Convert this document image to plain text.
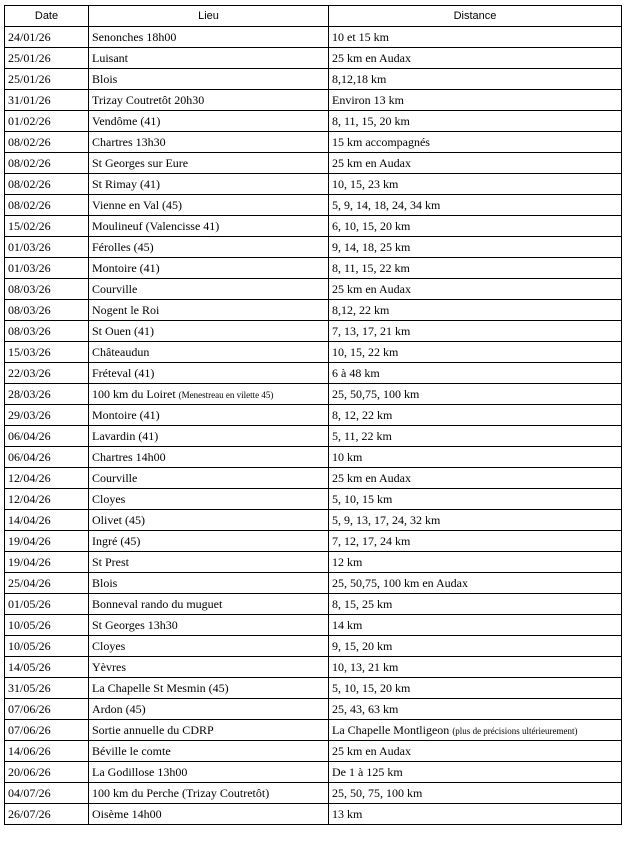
Date	Lieu	Distance
24/01/26	Senonches 18h00	10 et 15 km
25/01/26	Luisant	25 km en Audax
25/01/26	Blois	8,12,18 km
31/01/26	Trizay Coutretôt 20h30	Environ 13 km
01/02/26	Vendôme (41)	8, 11, 15, 20 km
08/02/26	Chartres 13h30	15 km accompagnés
08/02/26	St Georges sur Eure	25 km en Audax
08/02/26	St Rimay (41)	10, 15, 23 km
08/02/26	Vienne en Val (45)	5, 9, 14, 18, 24, 34 km
15/02/26	Moulineuf (Valencisse 41)	6, 10, 15, 20 km
01/03/26	Férolles (45)	9, 14, 18, 25 km
01/03/26	Montoire (41)	8, 11, 15, 22 km
08/03/26	Courville	25 km en Audax
08/03/26	Nogent le Roi	8,12, 22 km
08/03/26	St Ouen (41)	7, 13, 17, 21 km
15/03/26	Châteaudun	10, 15, 22 km
22/03/26	Fréteval (41)	6 à 48 km
28/03/26	100 km du Loiret (Menestreau en vilette 45)	25, 50,75, 100 km
29/03/26	Montoire (41)	8, 12, 22 km
06/04/26	Lavardin (41)	5, 11, 22 km
06/04/26	Chartres 14h00	10 km
12/04/26	Courville	25 km en Audax
12/04/26	Cloyes	5, 10, 15 km
14/04/26	Olivet (45)	5, 9, 13, 17, 24, 32 km
19/04/26	Ingré (45)	7, 12, 17, 24 km
19/04/26	St Prest	12 km
25/04/26	Blois	25, 50,75, 100 km en Audax
01/05/26	Bonneval rando du muguet	8, 15, 25 km
10/05/26	St Georges 13h30	14 km
10/05/26	Cloyes	9, 15, 20 km
14/05/26	Yèvres	10, 13, 21 km
31/05/26	La Chapelle St Mesmin (45)	5, 10, 15, 20 km
07/06/26	Ardon (45)	25, 43, 63 km
07/06/26	Sortie annuelle du CDRP	La Chapelle Montligeon (plus de précisions ultérieurement)
14/06/26	Béville le comte	25 km en Audax
20/06/26	La Godillose 13h00	De 1 à 125 km
04/07/26	100 km du Perche (Trizay Coutretôt)	25, 50, 75, 100 km
26/07/26	Oisème 14h00	13 km
